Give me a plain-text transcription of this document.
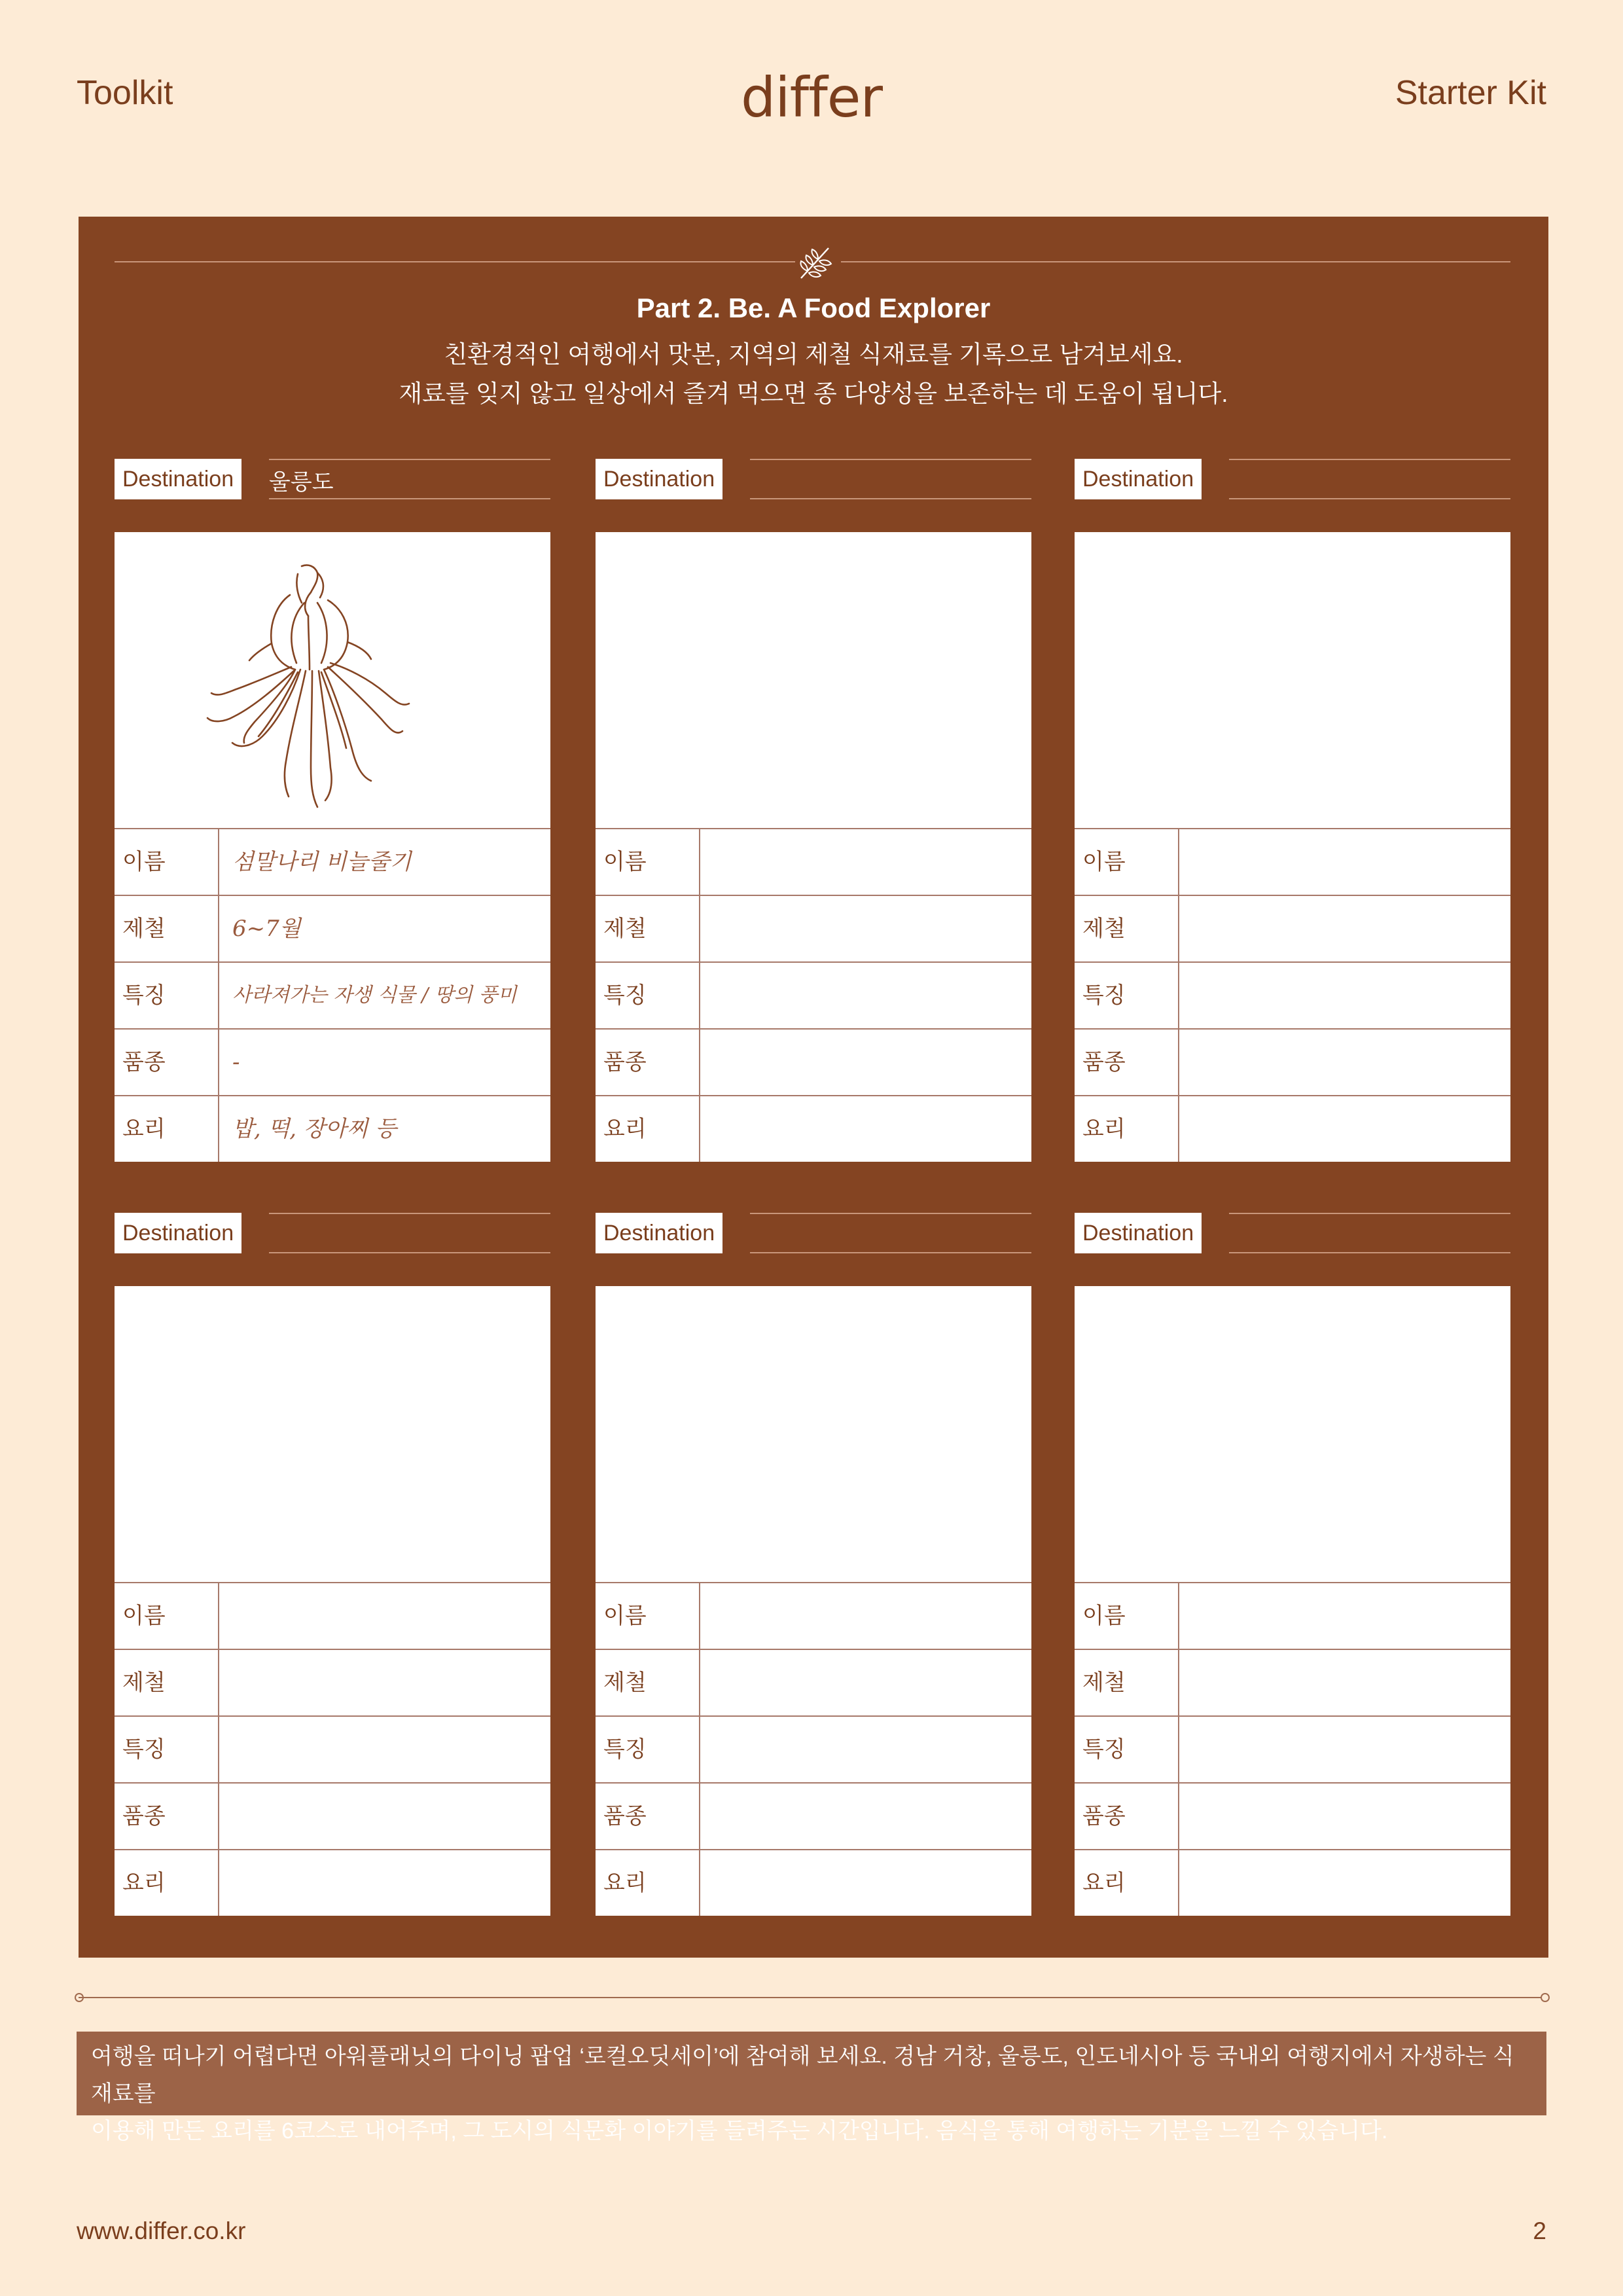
Toolkit	differ	Starter Kit
Part 2. Be. A Food Explorer
친환경적인 여행에서 맛본, 지역의 제철 식재료를 기록으로 남겨보세요.
재료를 잊지 않고 일상에서 즐겨 먹으면 종 다양성을 보존하는 데 도움이 됩니다.
Destination	울릉도
이름	섬말나리 비늘줄기
제철	6~7월
특징	사라져가는 자생 식물 / 땅의 풍미
품종	-
요리	밥, 떡, 장아찌 등
Destination
이름
제철
특징
품종
요리
Destination
이름
제철
특징
품종
요리
Destination
이름
제철
특징
품종
요리
Destination
이름
제철
특징
품종
요리
Destination
이름
제철
특징
품종
요리
여행을 떠나기 어렵다면 아워플래닛의 다이닝 팝업 ‘로컬오딧세이’에 참여해 보세요. 경남 거창, 울릉도, 인도네시아 등 국내외 여행지에서 자생하는 식재료를
이용해 만든 요리를 6코스로 내어주며, 그 도시의 식문화 이야기를 들려주는 시간입니다. 음식을 통해 여행하는 기분을 느낄 수 있습니다.
www.differ.co.kr	2
